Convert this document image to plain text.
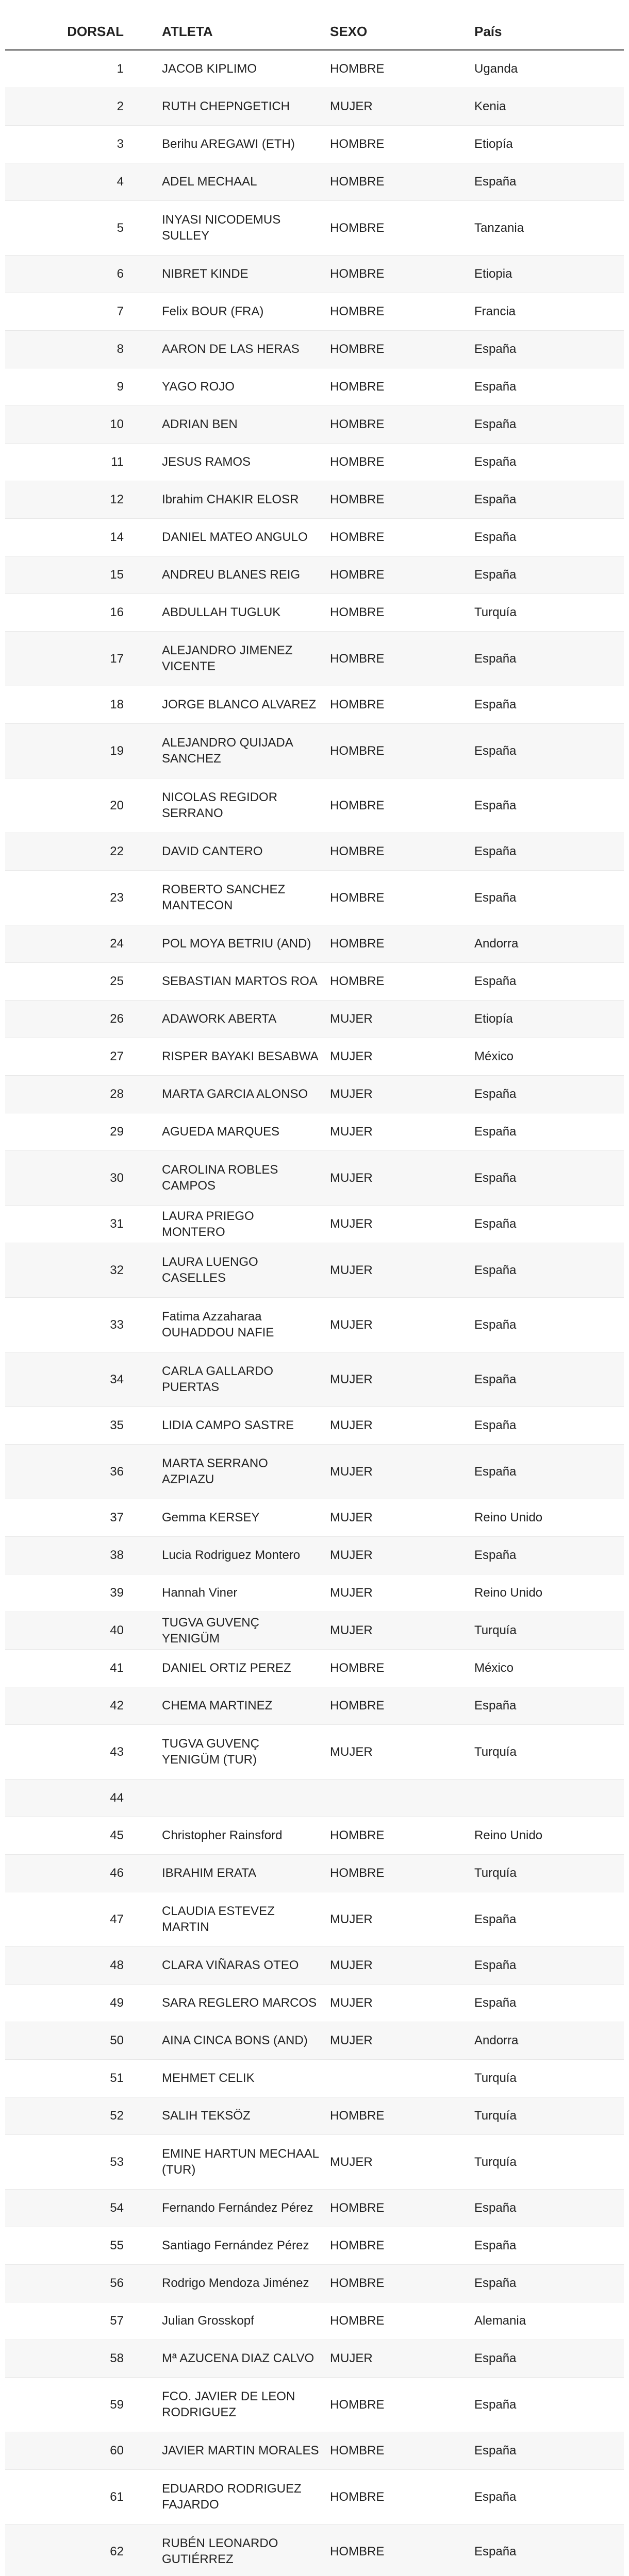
DORSAL	ATLETA	SEXO	País
1	JACOB KIPLIMO	HOMBRE	Uganda
2	RUTH CHEPNGETICH	MUJER	Kenia
3	Berihu AREGAWI (ETH)	HOMBRE	Etiopía
4	ADEL MECHAAL	HOMBRE	España
5	INYASI NICODEMUS SULLEY	HOMBRE	Tanzania
6	NIBRET KINDE	HOMBRE	Etiopia
7	Felix BOUR (FRA)	HOMBRE	Francia
8	AARON DE LAS HERAS	HOMBRE	España
9	YAGO ROJO	HOMBRE	España
10	ADRIAN BEN	HOMBRE	España
11	JESUS RAMOS	HOMBRE	España
12	Ibrahim CHAKIR ELOSR	HOMBRE	España
14	DANIEL MATEO ANGULO	HOMBRE	España
15	ANDREU BLANES REIG	HOMBRE	España
16	ABDULLAH TUGLUK	HOMBRE	Turquía
17	ALEJANDRO JIMENEZ VICENTE	HOMBRE	España
18	JORGE BLANCO ALVAREZ	HOMBRE	España
19	ALEJANDRO QUIJADA SANCHEZ	HOMBRE	España
20	NICOLAS REGIDOR SERRANO	HOMBRE	España
22	DAVID CANTERO	HOMBRE	España
23	ROBERTO SANCHEZ MANTECON	HOMBRE	España
24	POL MOYA BETRIU (AND)	HOMBRE	Andorra
25	SEBASTIAN MARTOS ROA	HOMBRE	España
26	ADAWORK ABERTA	MUJER	Etiopía
27	RISPER BAYAKI BESABWA	MUJER	México
28	MARTA GARCIA ALONSO	MUJER	España
29	AGUEDA MARQUES	MUJER	España
30	CAROLINA ROBLES CAMPOS	MUJER	España
31	LAURA PRIEGO MONTERO	MUJER	España
32	LAURA LUENGO CASELLES	MUJER	España
33	Fatima Azzaharaa OUHADDOU NAFIE	MUJER	España
34	CARLA GALLARDO PUERTAS	MUJER	España
35	LIDIA CAMPO SASTRE	MUJER	España
36	MARTA SERRANO AZPIAZU	MUJER	España
37	Gemma KERSEY	MUJER	Reino Unido
38	Lucia Rodriguez Montero	MUJER	España
39	Hannah Viner	MUJER	Reino Unido
40	TUGVA GUVENÇ YENIGÜM	MUJER	Turquía
41	DANIEL ORTIZ PEREZ	HOMBRE	México
42	CHEMA MARTINEZ	HOMBRE	España
43	TUGVA GUVENÇ YENIGÜM (TUR)	MUJER	Turquía
44			
45	Christopher Rainsford	HOMBRE	Reino Unido
46	IBRAHIM ERATA	HOMBRE	Turquía
47	CLAUDIA ESTEVEZ MARTIN	MUJER	España
48	CLARA VIÑARAS OTEO	MUJER	España
49	SARA REGLERO MARCOS	MUJER	España
50	AINA CINCA BONS (AND)	MUJER	Andorra
51	MEHMET CELIK		Turquía
52	SALIH TEKSÖZ	HOMBRE	Turquía
53	EMINE HARTUN MECHAAL (TUR)	MUJER	Turquía
54	Fernando Fernández Pérez	HOMBRE	España
55	Santiago Fernández Pérez	HOMBRE	España
56	Rodrigo Mendoza Jiménez	HOMBRE	España
57	Julian Grosskopf	HOMBRE	Alemania
58	Mª AZUCENA DIAZ CALVO	MUJER	España
59	FCO. JAVIER DE LEON RODRIGUEZ	HOMBRE	España
60	JAVIER MARTIN MORALES	HOMBRE	España
61	EDUARDO RODRIGUEZ FAJARDO	HOMBRE	España
62	RUBÉN LEONARDO GUTIÉRREZ	HOMBRE	España
